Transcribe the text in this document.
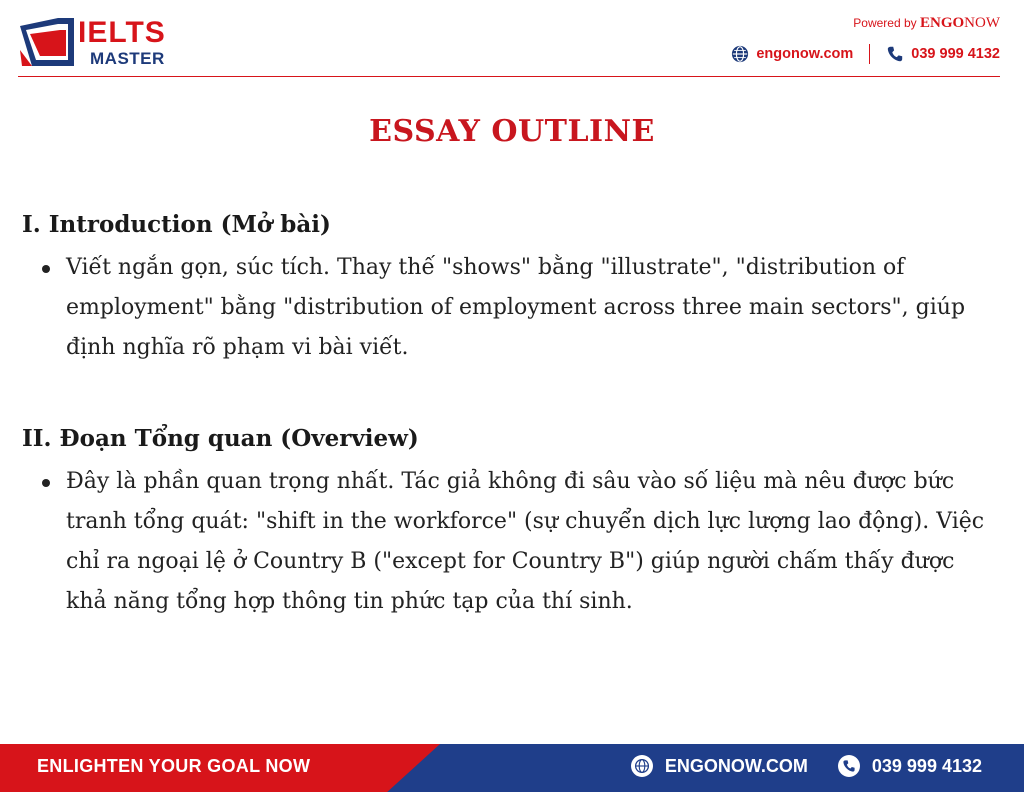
IELTS
MASTER
Powered by ENGONOW
engonow.com	039 999 4132
ESSAY OUTLINE
I. Introduction (Mở bài)
Viết ngắn gọn, súc tích. Thay thế "shows" bằng "illustrate", "distribution of employment" bằng "distribution of employment across three main sectors", giúp định nghĩa rõ phạm vi bài viết.
II. Đoạn Tổng quan (Overview)
Đây là phần quan trọng nhất. Tác giả không đi sâu vào số liệu mà nêu được bức tranh tổng quát: "shift in the workforce" (sự chuyển dịch lực lượng lao động). Việc chỉ ra ngoại lệ ở Country B ("except for Country B") giúp người chấm thấy được khả năng tổng hợp thông tin phức tạp của thí sinh.
ENLIGHTEN YOUR GOAL NOW	ENGONOW.COM	039 999 4132
